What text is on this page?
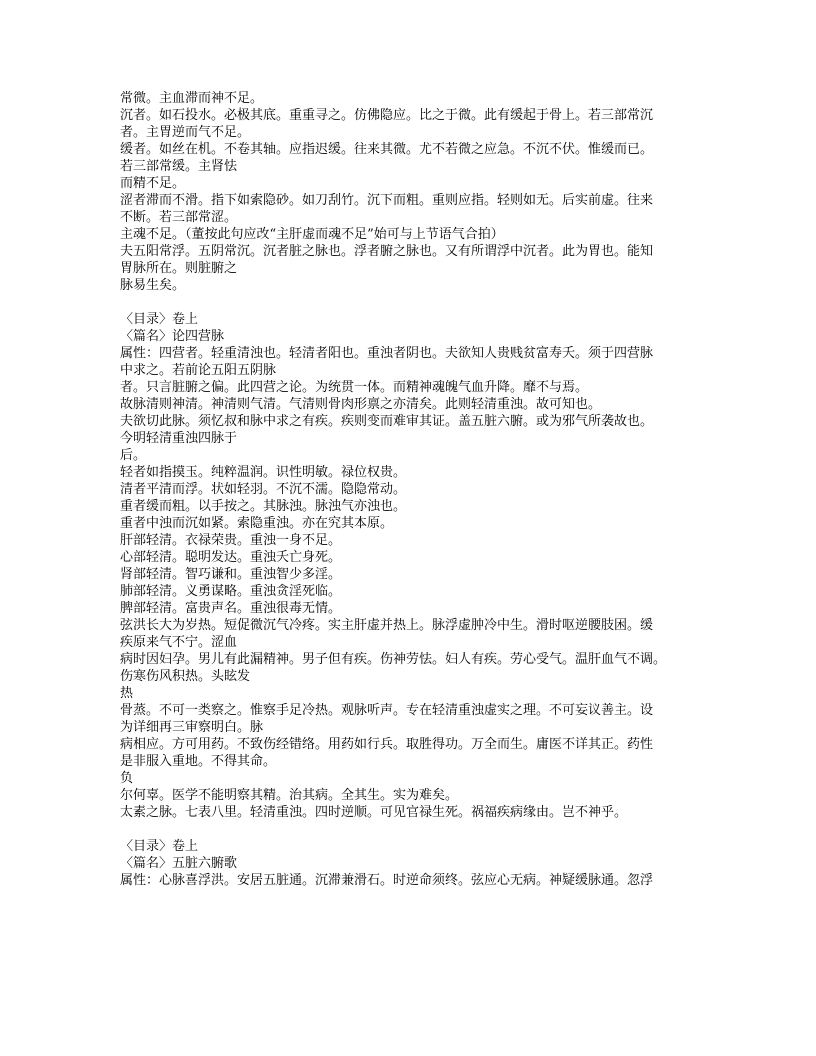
常微。主血滞而神不足。
沉者。如石投水。必极其底。重重寻之。仿佛隐应。比之于微。此有缓起于骨上。若三部常沉
者。主胃逆而气不足。
缓者。如丝在机。不卷其轴。应指迟缓。往来其微。尤不若微之应急。不沉不伏。惟缓而已。
若三部常缓。主肾怯
而精不足。
涩者滞而不滑。指下如索隐砂。如刀刮竹。沉下而粗。重则应指。轻则如无。后实前虚。往来
不断。若三部常涩。
主魂不足。（董按此句应改“主肝虚而魂不足”始可与上节语气合拍）
夫五阳常浮。五阴常沉。沉者脏之脉也。浮者腑之脉也。又有所谓浮中沉者。此为胃也。能知
胃脉所在。则脏腑之
脉易生矣。
〈目录〉卷上
〈篇名〉论四营脉
属性：四营者。轻重清浊也。轻清者阳也。重浊者阴也。夫欲知人贵贱贫富寿夭。须于四营脉
中求之。若前论五阳五阴脉
者。只言脏腑之偏。此四营之论。为统贯一体。而精神魂魄气血升降。靡不与焉。
故脉清则神清。神清则气清。气清则骨肉形禀之亦清矣。此则轻清重浊。故可知也。
夫欲切此脉。须忆叔和脉中求之有疾。疾则变而难审其证。盖五脏六腑。或为邪气所袭故也。
今明轻清重浊四脉于
后。
轻者如指摸玉。纯粹温润。识性明敏。禄位权贵。
清者平清而浮。状如轻羽。不沉不濡。隐隐常动。
重者缓而粗。以手按之。其脉浊。脉浊气亦浊也。
重者中浊而沉如紧。索隐重浊。亦在究其本原。
肝部轻清。衣禄荣贵。重浊一身不足。
心部轻清。聪明发达。重浊夭亡身死。
肾部轻清。智巧谦和。重浊智少多淫。
肺部轻清。义勇谋略。重浊贪淫死临。
脾部轻清。富贵声名。重浊很毒无情。
弦洪长大为岁热。短促微沉气冷疼。实主肝虚并热上。脉浮虚肿冷中生。滑时呕逆腰肢困。缓
疾原来气不宁。涩血
病时因妇孕。男儿有此漏精神。男子但有疾。伤神劳怯。妇人有疾。劳心受气。温肝血气不调。
伤寒伤风积热。头眩发
热
骨蒸。不可一类察之。惟察手足冷热。观脉听声。专在轻清重浊虚实之理。不可妄议善主。设
为详细再三审察明白。脉
病相应。方可用药。不致伤经错络。用药如行兵。取胜得功。万全而生。庸医不详其正。药性
是非服入重地。不得其命。
负
尔何辜。医学不能明察其精。治其病。全其生。实为难矣。
太素之脉。七表八里。轻清重浊。四时逆顺。可见官禄生死。祸福疾病缘由。岂不神乎。
〈目录〉卷上
〈篇名〉五脏六腑歌
属性：心脉喜浮洪。安居五脏通。沉滞兼滑石。时逆命须终。弦应心无病。神疑缓脉通。忽浮
